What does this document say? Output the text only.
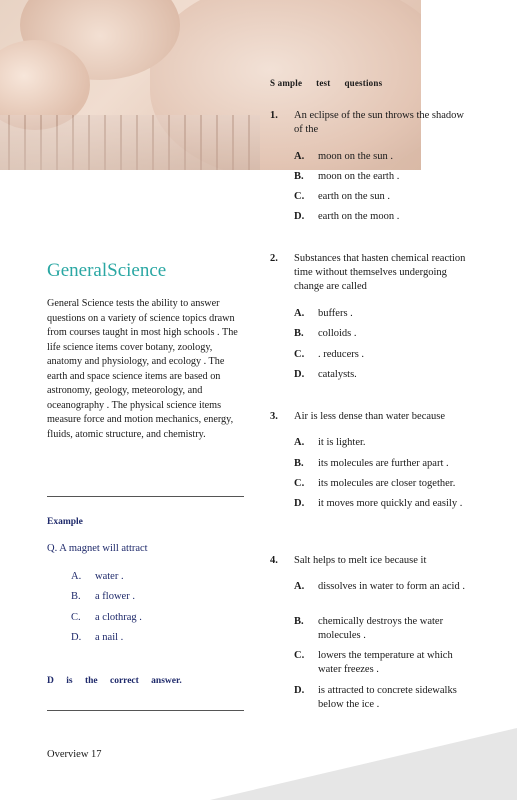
S ample test questions
1. An eclipse of the sun throws the shadow of the
A. moon on the sun .
B. moon on the earth .
C. earth on the sun .
D. earth on the moon .
2. Substances that hasten chemical reaction time without themselves undergoing change are called
A. buffers .
B. colloids .
C. . reducers .
D. catalysts.
3. Air is less dense than water because
A. it is lighter.
B. its molecules are further apart .
C. its molecules are closer together.
D. it moves more quickly and easily .
4. Salt helps to melt ice because it
A. dissolves in water to form an acid .
B. chemically destroys the water molecules .
C. lowers the temperature at which water freezes .
D. is attracted to concrete sidewalks below the ice .
GeneralScience
General Science tests the ability to answer questions on a variety of science topics drawn from courses taught in most high schools . The life science items cover botany, zoology, anatomy and physiology, and ecology . The earth and space science items are based on astronomy, geology, meteorology, and oceanography . The physical science items measure force and motion mechanics, energy, fluids, atomic structure, and chemistry.
Example
Q. A magnet will attract
A. water .
B. a flower .
C. a clothrag .
D. a nail .
D is the correct answer.
Overview 17
